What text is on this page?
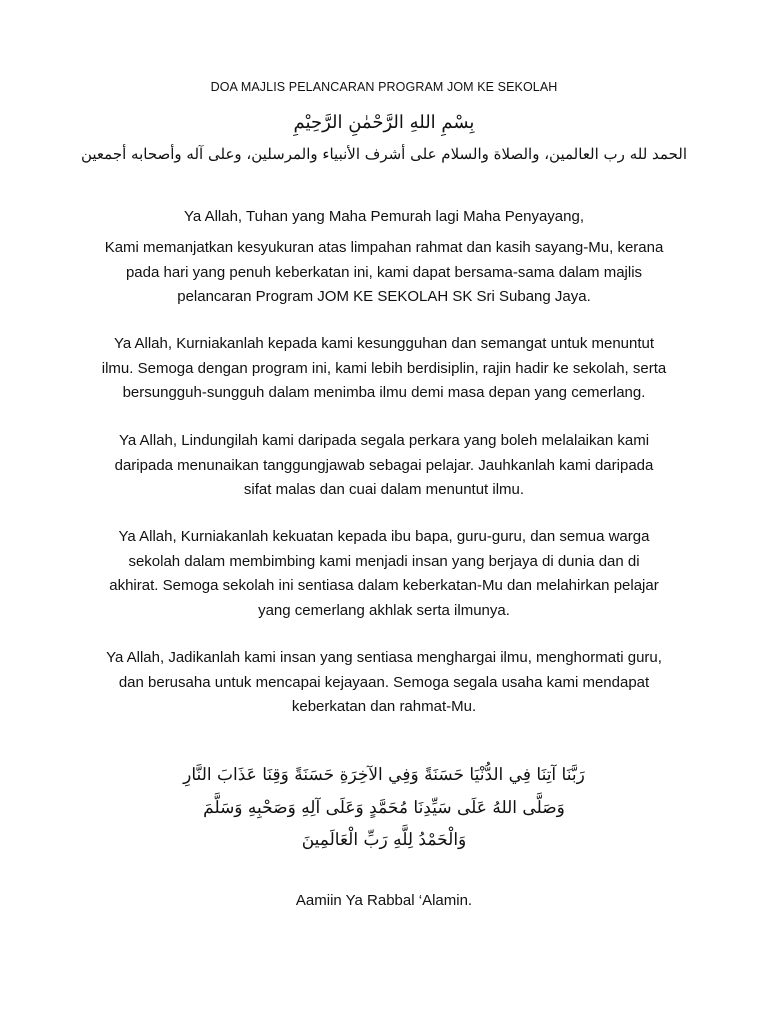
DOA MAJLIS PELANCARAN PROGRAM JOM KE SEKOLAH
بِسْمِ اللهِ الرَّحْمٰنِ الرَّحِيْمِ
الحمد لله رب العالمين، والصلاة والسلام على أشرف الأنبياء والمرسلين، وعلى آله وأصحابه أجمعين
Ya Allah, Tuhan yang Maha Pemurah lagi Maha Penyayang,
Kami memanjatkan kesyukuran atas limpahan rahmat dan kasih sayang-Mu, kerana
pada hari yang penuh keberkatan ini, kami dapat bersama-sama dalam majlis
pelancaran Program JOM KE SEKOLAH SK Sri Subang Jaya.
Ya Allah, Kurniakanlah kepada kami kesungguhan dan semangat untuk menuntut
ilmu. Semoga dengan program ini, kami lebih berdisiplin, rajin hadir ke sekolah, serta
bersungguh-sungguh dalam menimba ilmu demi masa depan yang cemerlang.
Ya Allah, Lindungilah kami daripada segala perkara yang boleh melalaikan kami
daripada menunaikan tanggungjawab sebagai pelajar. Jauhkanlah kami daripada
sifat malas dan cuai dalam menuntut ilmu.
Ya Allah, Kurniakanlah kekuatan kepada ibu bapa, guru-guru, dan semua warga
sekolah dalam membimbing kami menjadi insan yang berjaya di dunia dan di
akhirat. Semoga sekolah ini sentiasa dalam keberkatan-Mu dan melahirkan pelajar
yang cemerlang akhlak serta ilmunya.
Ya Allah, Jadikanlah kami insan yang sentiasa menghargai ilmu, menghormati guru,
dan berusaha untuk mencapai kejayaan. Semoga segala usaha kami mendapat
keberkatan dan rahmat-Mu.
رَبَّنَا آتِنَا فِي الدُّنْيَا حَسَنَةً وَفِي الآخِرَةِ حَسَنَةً وَقِنَا عَذَابَ النَّارِ
وَصَلَّى اللهُ عَلَى سَيِّدِنَا مُحَمَّدٍ وَعَلَى آلِهِ وَصَحْبِهِ وَسَلَّمَ
وَالْحَمْدُ لِلَّهِ رَبِّ الْعَالَمِينَ
Aamiin Ya Rabbal ‘Alamin.
